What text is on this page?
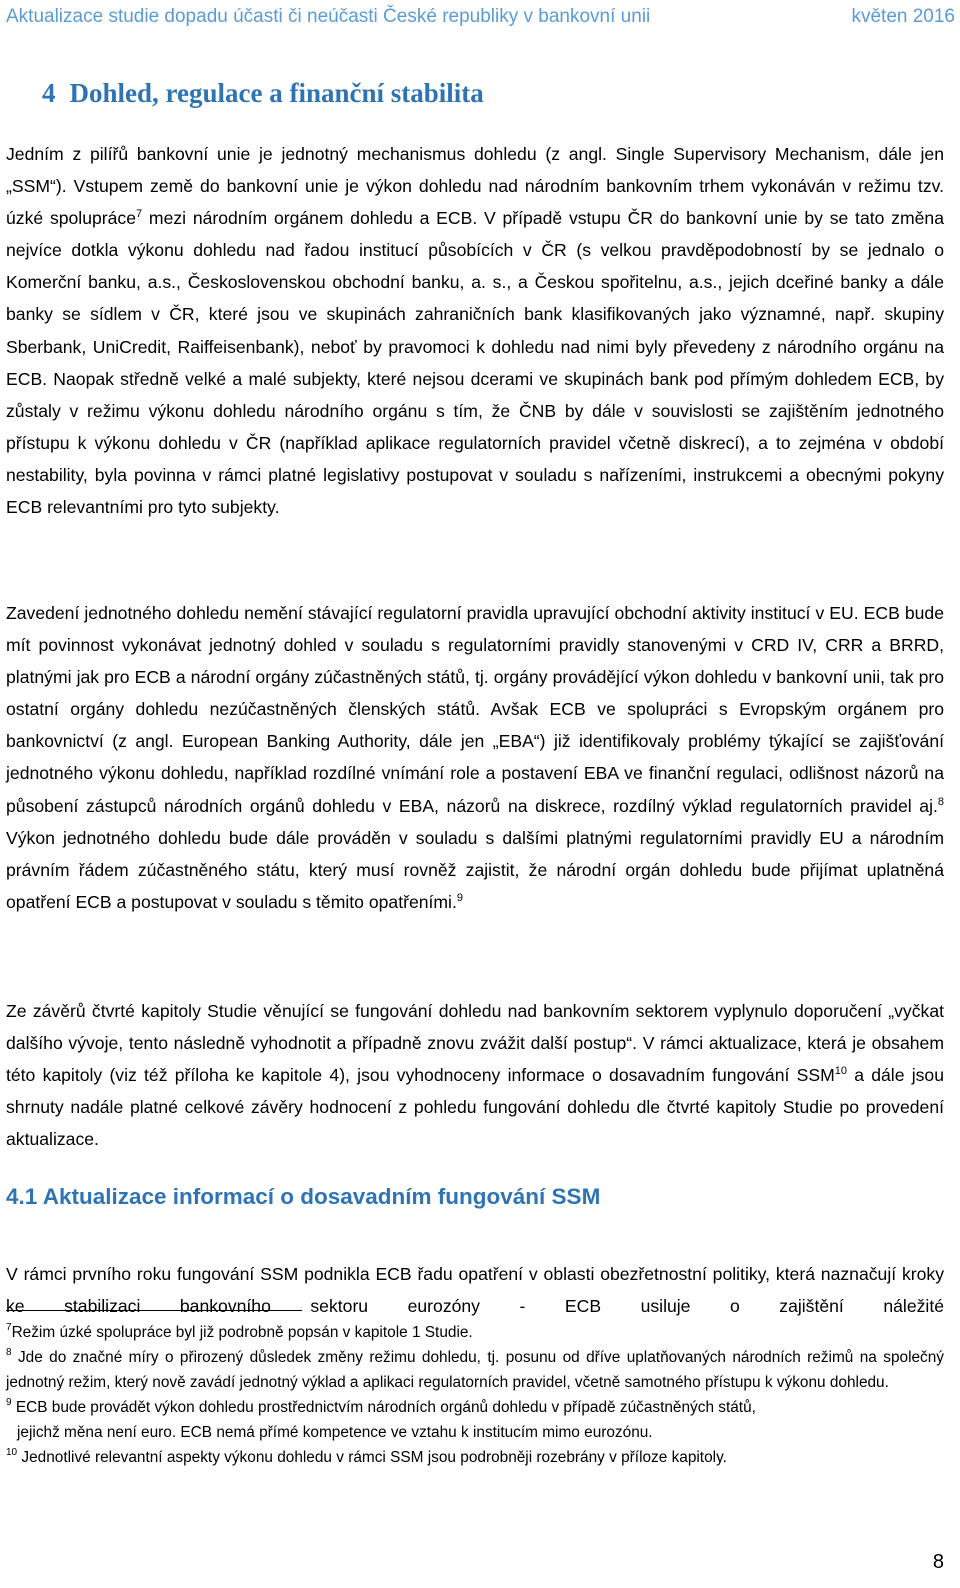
Aktualizace studie dopadu účasti či neúčasti České republiky v bankovní unii	květen 2016
4 Dohled, regulace a finanční stabilita

Jedním z pilířů bankovní unie je jednotný mechanismus dohledu (z angl. Single Supervisory Mechanism, dále jen „SSM“). Vstupem země do bankovní unie je výkon dohledu nad národním bankovním trhem vykonáván v režimu tzv. úzké spolupráce$^7$ mezi národním orgánem dohledu a ECB. V případě vstupu ČR do bankovní unie by se tato změna nejvíce dotkla výkonu dohledu nad řadou institucí působících v ČR (s velkou pravděpodobností by se jednalo o Komerční banku, a.s., Československou obchodní banku, a. s., a Českou spořitelnu, a.s., jejich dceřiné banky a dále banky se sídlem v ČR, které jsou ve skupinách zahraničních bank klasifikovaných jako významné, např. skupiny Sberbank, UniCredit, Raiffeisenbank), neboť by pravomoci k dohledu nad nimi byly převedeny z národního orgánu na ECB. Naopak středně velké a malé subjekty, které nejsou dcerami ve skupinách bank pod přímým dohledem ECB, by zůstaly v režimu výkonu dohledu národního orgánu s tím, že ČNB by dále v souvislosti se zajištěním jednotného přístupu k výkonu dohledu v ČR (například aplikace regulatorních pravidel včetně diskrecí), a to zejména v období nestability, byla povinna v rámci platné legislativy postupovat v souladu s nařízeními, instrukcemi a obecnými pokyny ECB relevantními pro tyto subjekty.

Zavedení jednotného dohledu nemění stávající regulatorní pravidla upravující obchodní aktivity institucí v EU. ECB bude mít povinnost vykonávat jednotný dohled v souladu s regulatorními pravidly stanovenými v CRD IV, CRR a BRRD, platnými jak pro ECB a národní orgány zúčastněných států, tj. orgány provádějící výkon dohledu v bankovní unii, tak pro ostatní orgány dohledu nezúčastněných členských států. Avšak ECB ve spolupráci s Evropským orgánem pro bankovnictví (z angl. European Banking Authority, dále jen „EBA“) již identifikovaly problémy týkající se zajišťování jednotného výkonu dohledu, například rozdílné vnímání role a postavení EBA ve finanční regulaci, odlišnost názorů na působení zástupců národních orgánů dohledu v EBA, názorů na diskrece, rozdílný výklad regulatorních pravidel aj.$^8$ Výkon jednotného dohledu bude dále prováděn v souladu s dalšími platnými regulatorními pravidly EU a národním právním řádem zúčastněného státu, který musí rovněž zajistit, že národní orgán dohledu bude přijímat uplatněná opatření ECB a postupovat v souladu s těmito opatřeními.$^9$

Ze závěrů čtvrté kapitoly Studie věnující se fungování dohledu nad bankovním sektorem vyplynulo doporučení „vyčkat dalšího vývoje, tento následně vyhodnotit a případně znovu zvážit další postup“. V rámci aktualizace, která je obsahem této kapitoly (viz též příloha ke kapitole 4), jsou vyhodnoceny informace o dosavadním fungování SSM$^{10}$ a dále jsou shrnuty nadále platné celkové závěry hodnocení z pohledu fungování dohledu dle čtvrté kapitoly Studie po provedení aktualizace.

4.1 Aktualizace informací o dosavadním fungování SSM

V rámci prvního roku fungování SSM podnikla ECB řadu opatření v oblasti obezřetnostní politiky, která naznačují kroky ke stabilizaci bankovního sektoru eurozóny - ECB usiluje o zajištění náležité

$^7$Režim úzké spolupráce byl již podrobně popsán v kapitole 1 Studie.

$^8$ Jde do značné míry o přirozený důsledek změny režimu dohledu, tj. posunu od dříve uplatňovaných národních režimů na společný jednotný režim, který nově zavádí jednotný výklad a aplikaci regulatorních pravidel, včetně samotného přístupu k výkonu dohledu.

$^9$ ECB bude provádět výkon dohledu prostřednictvím národních orgánů dohledu v případě zúčastněných států,
jejichž měna není euro. ECB nemá přímé kompetence ve vztahu k institucím mimo eurozónu.

$^{10}$ Jednotlivé relevantní aspekty výkonu dohledu v rámci SSM jsou podrobněji rozebrány v příloze kapitoly.

8
